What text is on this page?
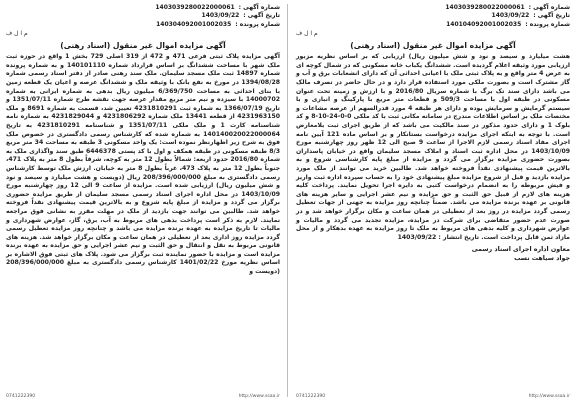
شماره آگهی :
1403039280022000061
تاریخ آگهی :
1403/09/22
شماره پرونده :
140304092001002035
م ا ل ف
آگهی مزایده اموال غیر منقول (اسناد رهنی)
آگهی مزایده پلاک ثبتی فرعی 471 و 472 از 319 اصلی 729 بخش 1 واقع در حوزه ثبت ملک شهر با مساحت ششدانگ بر اساس قرارداد شماره 140101110 و به شماره پرونده شماره 14897 ثبت ملک مسجد سلیمان. ملک سند رهنی صادر از دفتر اسناد رسمی شماره 1394/08/28 در مورخ به نفع بانک با وثیقه ملک و ششدانگ عرصه و اعیان یک قطعه زمین با بنای احداثی به مساحت 6/369/750 میلیون ریال بدهی به شماره ایرانی به شماره 14000702 با سیزده و نیم متر مربع مقدار عرصه جهت نقشه طرح شماره 1351/07/11 و تاریخ 1366/07/19 به شماره ثبت 4231810291 تعیین شد، قسمت به شماره 8691 و ملک 4231963150 از قطعه 13441 ملک شماره 4231806292 و 4231829044 به شماره نامه شناسنامه کارت 1 و ملک ملکی 1351/07/11 و شناسنامه 4231810291 به تاریخ 140140020022000064 به شماره شده که کارشناس رسمی دادگستری در خصوص ملک فوق به شرح زیر اظهارنظر نموده است: یک واحد مسکونی 3 طبقه به مساحت 34 متر مربع 8/3 طبقه مسکونی در طبقه همکف و اول با کد پستی 6446378 طبق سند واگذاری ملک به شماره 2016/80 حدود اربعه: شمالاً بطول 12 متر به کوچه، شرقاً بطول 8 متر به پلاک 471، جنوباً بطول 12 متر به پلاک 473، غرباً بطول 8 متر به خیابان. ارزش ملک توسط کارشناس رسمی دادگستری به مبلغ 208/396/000/000 ریال (دویست و هشت میلیارد و سیصد و نود و شش میلیون ریال) ارزیابی شده است. مزایده از ساعت 9 الی 12 روز چهارشنبه مورخ 1403/10/09 در محل اداره اجرای اسناد رسمی مسجد سلیمان از طریق مزایده حضوری برگزار می گردد و مزایده از مبلغ پایه شروع و به بالاترین قیمت پیشنهادی نقداً فروخته خواهد شد. طالبین می توانند جهت بازدید از ملک در مهلت مقرر به نشانی فوق مراجعه نمایند. لازم به ذکر است پرداخت بدهی های مربوط به آب، برق، گاز، عوارض شهرداری و مالیات تا تاریخ مزایده به عهده برنده مزایده می باشد و چنانچه روز مزایده تعطیل رسمی گردد مزایده روز اداری بعد از تعطیلی در همان ساعت و مکان برگزار خواهد شد. هزینه های قانونی مربوط به نقل و انتقال و حق الثبت و نیم عشر اجرایی و حق مزایده به عهده برنده مزایده است و مزایده با حضور نماینده ثبت برگزار می شود. پلاک های ثبتی فوق الاشاره بر اساس نظریه مورخ 1401/02/22 کارشناس رسمی دادگستری به مبلغ 208/396/000/000 (دویست و
0741222390	http://www.ssaa.ir
شماره آگهی :
1403039280022000061
تاریخ آگهی :
1403/09/22
شماره پرونده :
140104092001002035
م ا ل ف
آگهی مزایده اموال غیر منقول (اسناد رهنی)
هشت میلیارد و سیصد و نود و شش میلیون ریال) ارزیابی که بر اساس نظریه مزبور ارزیابی مورد وثیقه اعلام گردیده است. ششدانگ یکباب خانه مسکونی که در شمال کوچه ای به عرض 4 متر واقع و به پلاک ثبتی ملک با اعیانی احداثی آن که دارای انشعابات برق و آب و گاز مشترک است و بصورت ملکی مورد استفاده قرار دارد و در حال حاضر در تصرف مالک می باشد دارای سند تک برگ با شماره سریال 2016/80 و با ارزش و زمینه تحت عنوان مسکونی در طبقه اول با مساحت 509/3 و قطعات متر مربع با پارکینگ و انباری و با سیستم گرمایش و سرمایش بوده و دارای هر طبقه 4 مورد قدرالسهم از عرصه مشاعات و مختصات ملک بر اساس اطلاعات مندرج در سامانه مکانی ثبت با کد ملکی 0-0-24-10-8 و کد بلوک 1 و دارای حدود مذکور در سند مالکیت می باشد که از طریق اجرای ثبت بلامعارض است. با توجه به اینکه اجرای مزایده درخواست بستانکار و بر اساس ماده 121 آیین نامه اجرای مفاد اسناد رسمی لازم الاجرا از ساعت 9 صبح الی 12 ظهر روز چهارشنبه مورخ 1403/10/09 در محل اداره ثبت اسناد و املاک مسجد سلیمان واقع در خیابان پاسداران بصورت حضوری مزایده برگزار می گردد و مزایده از مبلغ پایه کارشناسی شروع و به بالاترین قیمت پیشنهادی نقداً فروخته خواهد شد. طالبین خرید می توانند از ملک مورد مزایده بازدید و قبل از شروع مزایده مبلغ پیشنهادی خود را به حساب سپرده اداره ثبت واریز و فیش مربوطه را به انضمام درخواست کتبی به دایره اجرا تحویل نمایند. پرداخت کلیه هزینه های لازم از قبیل حق الثبت و حق مزایده و نیم عشر اجرایی و سایر هزینه های قانونی بر عهده برنده مزایده می باشد. ضمناً چنانچه روز مزایده به جهتی از جهات تعطیل رسمی گردد مزایده در روز بعد از تعطیلی در همان ساعت و مکان برگزار خواهد شد و در صورت عدم حضور متقاضی برای شرکت در مزایده، مزایده تجدید می گردد و مالیات و عوارض شهرداری و کلیه بدهی های مربوط به ملک تا روز مزایده به عهده بدهکار و از محل مازاد ثمن قابل پرداخت است. تاریخ انتشار : 1403/09/22
معاون اداره اجرای اسناد رسمی
جواد سیاهت نسب
0741222390	http://www.ssaa.ir
